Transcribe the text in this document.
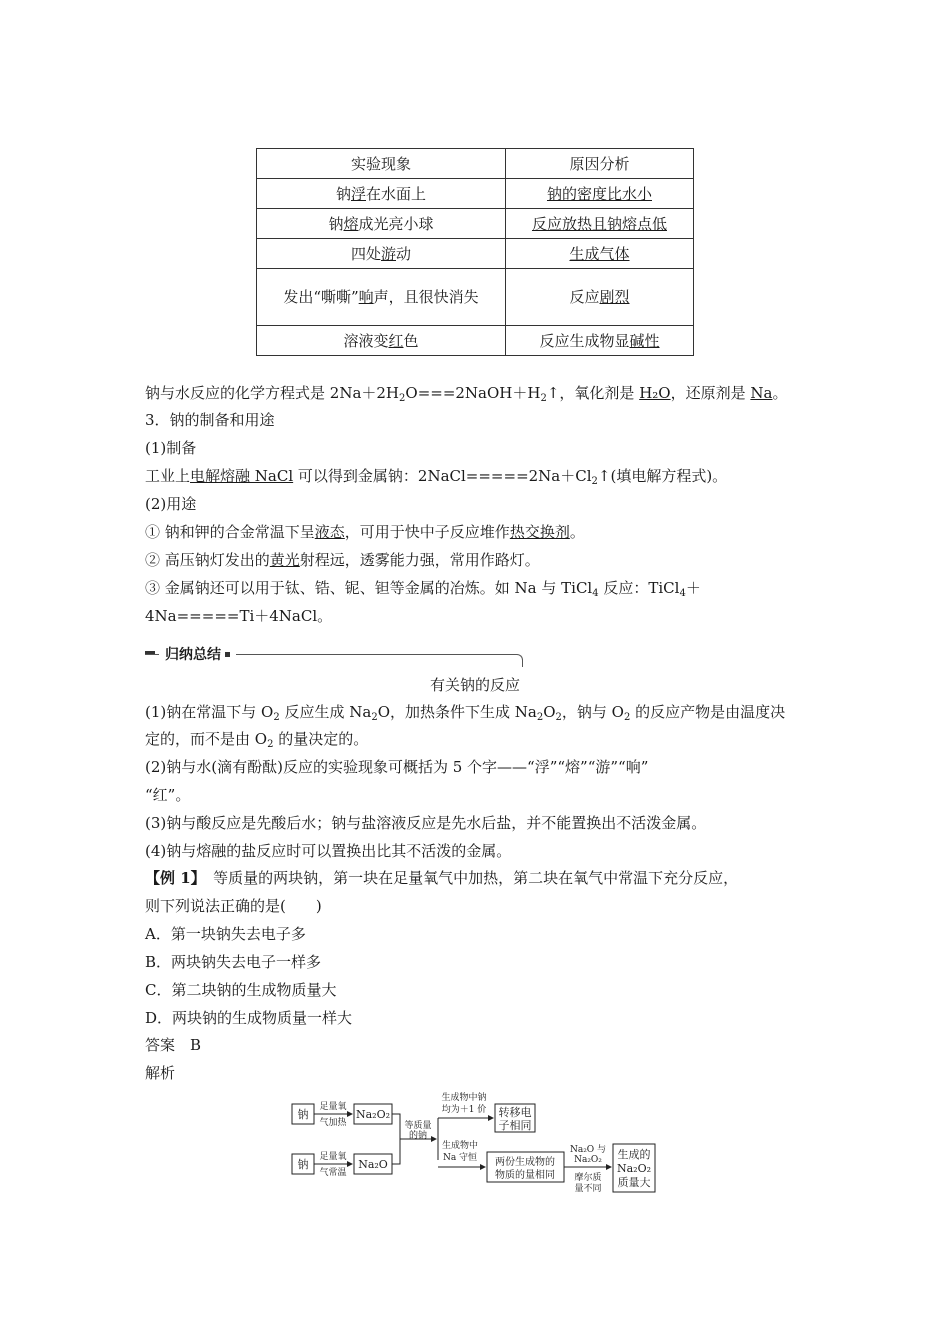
实验现象	原因分析
钠浮在水面上	钠的密度比水小
钠熔成光亮小球	反应放热且钠熔点低
四处游动	生成气体
发出“嘶嘶”响声，且很快消失	反应剧烈
溶液变红色	反应生成物显碱性
钠与水反应的化学方程式是 $2Na+2H_2O===2NaOH+H_2↑$，氧化剂是 H₂O，还原剂是 Na。
3．钠的制备和用途
(1)制备
工业上电解熔融 NaCl 可以得到金属钠：$2NaCl=====2Na+Cl_2↑$(填电解方程式)。
(2)用途
① 钠和钾的合金常温下呈液态，可用于快中子反应堆作热交换剂。
② 高压钠灯发出的黄光射程远，透雾能力强，常用作路灯。
③ 金属钠还可以用于钛、锆、铌、钽等金属的冶炼。如 Na 与 TiCl$_4$ 反应：TiCl$_4$＋
4Na=====Ti＋4NaCl。
归纳总结
有关钠的反应
(1)钠在常温下与 $O_2$ 反应生成 $Na_2O$，加热条件下生成 $Na_2O_2$，钠与 $O_2$ 的反应产物是由温度决
定的，而不是由 $O_2$ 的量决定的。
(2)钠与水(滴有酚酞)反应的实验现象可概括为 5 个字——“浮”“熔”“游”“响”
“红”。
(3)钠与酸反应是先酸后水；钠与盐溶液反应是先水后盐，并不能置换出不活泼金属。
(4)钠与熔融的盐反应时可以置换出比其不活泼的金属。
【例 1】　等质量的两块钠，第一块在足量氧气中加热，第二块在氧气中常温下充分反应，
则下列说法正确的是(　　)
A．第一块钠失去电子多
B．两块钠失去电子一样多
C．第二块钠的生成物质量大
D．两块钠的生成物质量一样大
答案　B
解析
钠
足量氧
气加热
Na₂O₂
钠
足量氧
气常温
Na₂O
等质量
的钠
生成物中钠
均为＋1 价 转移电
子相同
生成物中
Na 守恒 两份生成物的
物质的量相同
Na₂O 与
Na₂O₂
摩尔质
量不同
生成的
Na₂O₂
质量大
